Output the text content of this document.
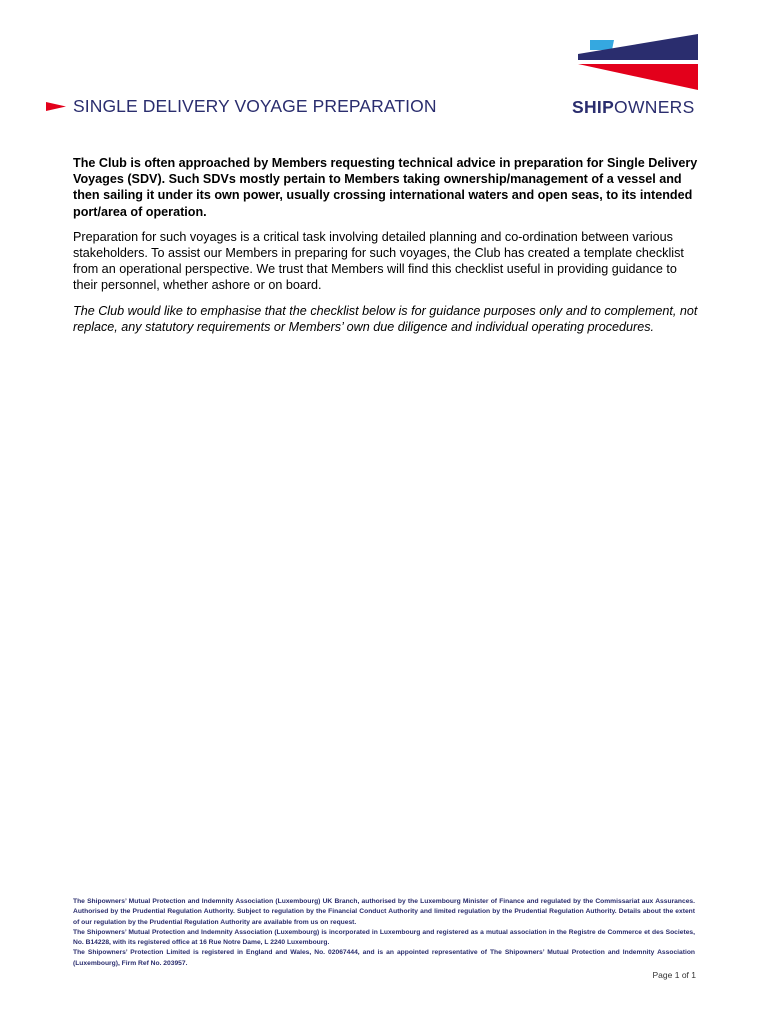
SHIPOWNERS
SINGLE DELIVERY VOYAGE PREPARATION

The Club is often approached by Members requesting technical advice in preparation for Single Delivery Voyages (SDV). Such SDVs mostly pertain to Members taking ownership/management of a vessel and then sailing it under its own power, usually crossing international waters and open seas, to its intended port/area of operation.

Preparation for such voyages is a critical task involving detailed planning and co-ordination between various stakeholders. To assist our Members in preparing for such voyages, the Club has created a template checklist from an operational perspective. We trust that Members will find this checklist useful in providing guidance to their personnel, whether ashore or on board.

The Club would like to emphasise that the checklist below is for guidance purposes only and to complement, not replace, any statutory requirements or Members’ own due diligence and individual operating procedures.

The Shipowners’ Mutual Protection and Indemnity Association (Luxembourg) UK Branch, authorised by the Luxembourg Minister of Finance and regulated by the Commissariat aux Assurances. Authorised by the Prudential Regulation Authority. Subject to regulation by the Financial Conduct Authority and limited regulation by the Prudential Regulation Authority. Details about the extent of our regulation by the Prudential Regulation Authority are available from us on request.

The Shipowners’ Mutual Protection and Indemnity Association (Luxembourg) is incorporated in Luxembourg and registered as a mutual association in the Registre de Commerce et des Societes, No. B14228, with its registered office at 16 Rue Notre Dame, L 2240 Luxembourg.

The Shipowners’ Protection Limited is registered in England and Wales, No. 02067444, and is an appointed representative of The Shipowners’ Mutual Protection and Indemnity Association (Luxembourg), Firm Ref No. 203957.

Page 1 of 1
